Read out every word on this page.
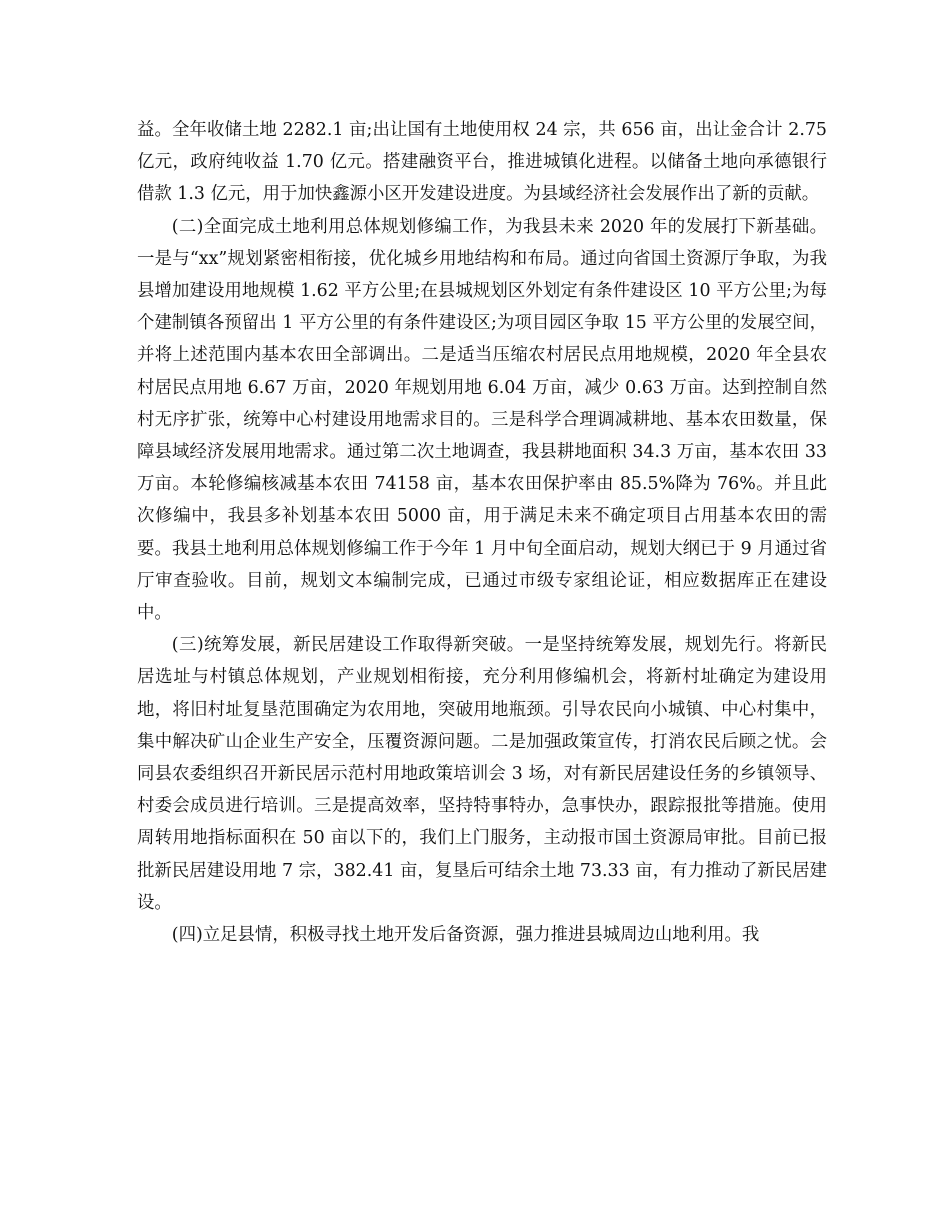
益。全年收储土地 2282.1 亩;出让国有土地使用权 24 宗，共 656 亩，出让金合计 2.75 亿元，政府纯收益 1.70 亿元。搭建融资平台，推进城镇化进程。以储备土地向承德银行借款 1.3 亿元，用于加快鑫源小区开发建设进度。为县域经济社会发展作出了新的贡献。

(二)全面完成土地利用总体规划修编工作，为我县未来 2020 年的发展打下新基础。一是与“xx”规划紧密相衔接，优化城乡用地结构和布局。通过向省国土资源厅争取，为我县增加建设用地规模 1.62 平方公里;在县城规划区外划定有条件建设区 10 平方公里;为每个建制镇各预留出 1 平方公里的有条件建设区;为项目园区争取 15 平方公里的发展空间，并将上述范围内基本农田全部调出。二是适当压缩农村居民点用地规模，2020 年全县农村居民点用地 6.67 万亩，2020 年规划用地 6.04 万亩，减少 0.63 万亩。达到控制自然村无序扩张，统筹中心村建设用地需求目的。三是科学合理调减耕地、基本农田数量，保障县域经济发展用地需求。通过第二次土地调查，我县耕地面积 34.3 万亩，基本农田 33 万亩。本轮修编核减基本农田 74158 亩，基本农田保护率由 85.5%降为 76%。并且此次修编中，我县多补划基本农田 5000 亩，用于满足未来不确定项目占用基本农田的需要。我县土地利用总体规划修编工作于今年 1 月中旬全面启动，规划大纲已于 9 月通过省厅审查验收。目前，规划文本编制完成，已通过市级专家组论证，相应数据库正在建设中。

(三)统筹发展，新民居建设工作取得新突破。一是坚持统筹发展，规划先行。将新民居选址与村镇总体规划，产业规划相衔接，充分利用修编机会，将新村址确定为建设用地，将旧村址复垦范围确定为农用地，突破用地瓶颈。引导农民向小城镇、中心村集中，集中解决矿山企业生产安全，压覆资源问题。二是加强政策宣传，打消农民后顾之忧。会同县农委组织召开新民居示范村用地政策培训会 3 场，对有新民居建设任务的乡镇领导、村委会成员进行培训。三是提高效率，坚持特事特办，急事快办，跟踪报批等措施。使用周转用地指标面积在 50 亩以下的，我们上门服务，主动报市国土资源局审批。目前已报批新民居建设用地 7 宗，382.41 亩，复垦后可结余土地 73.33 亩，有力推动了新民居建设。

(四)立足县情，积极寻找土地开发后备资源，强力推进县城周边山地利用。我
